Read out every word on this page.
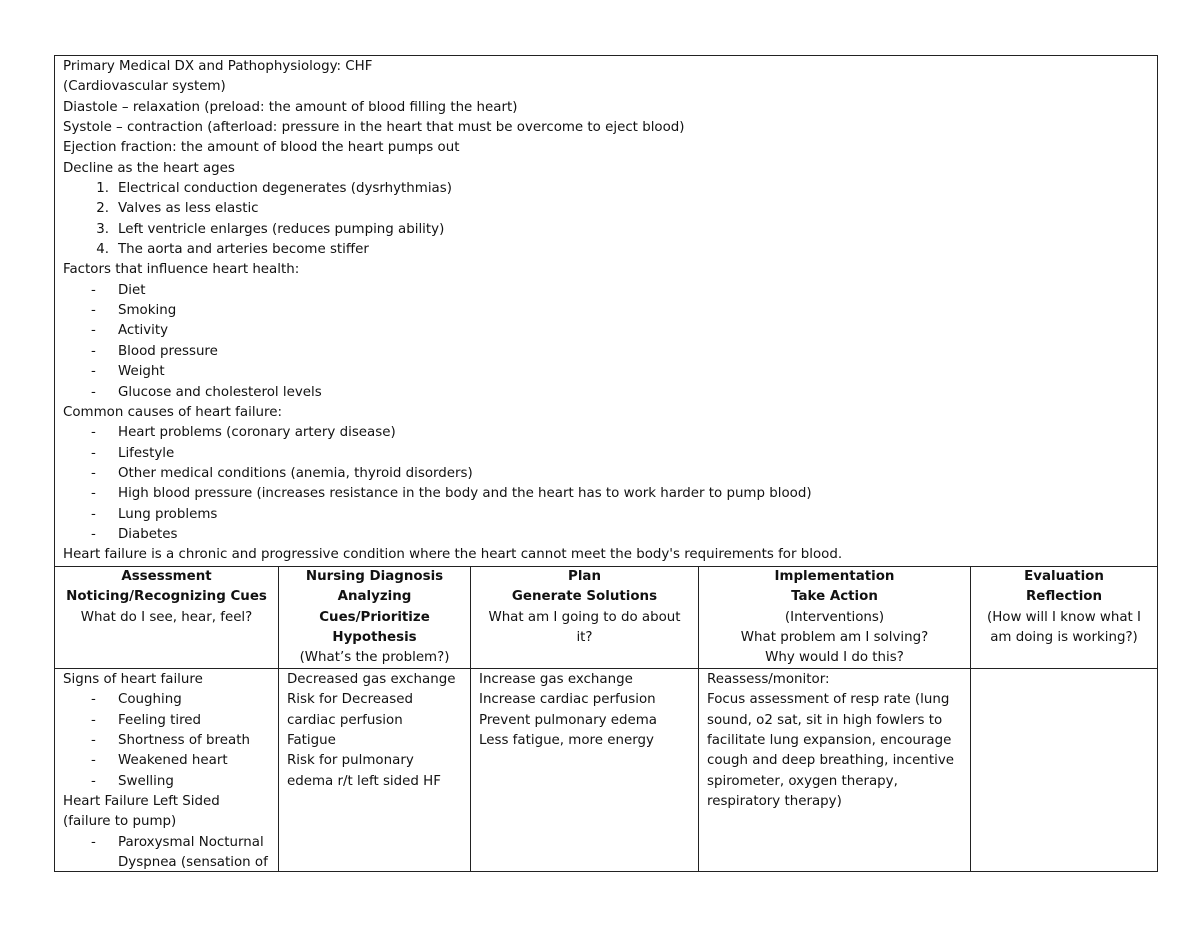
Primary Medical DX and Pathophysiology: CHF
(Cardiovascular system)
Diastole – relaxation (preload: the amount of blood filling the heart)
Systole – contraction (afterload: pressure in the heart that must be overcome to eject blood)
Ejection fraction: the amount of blood the heart pumps out
Decline as the heart ages
1. Electrical conduction degenerates (dysrhythmias)
2. Valves as less elastic
3. Left ventricle enlarges (reduces pumping ability)
4. The aorta and arteries become stiffer
Factors that influence heart health:
- Diet
- Smoking
- Activity
- Blood pressure
- Weight
- Glucose and cholesterol levels
Common causes of heart failure:
- Heart problems (coronary artery disease)
- Lifestyle
- Other medical conditions (anemia, thyroid disorders)
- High blood pressure (increases resistance in the body and the heart has to work harder to pump blood)
- Lung problems
- Diabetes
Heart failure is a chronic and progressive condition where the heart cannot meet the body's requirements for blood.
Assessment
Noticing/Recognizing Cues
What do I see, hear, feel?
Signs of heart failure
- Coughing
- Feeling tired
- Shortness of breath
- Weakened heart
- Swelling
Heart Failure Left Sided
(failure to pump)
- Paroxysmal Nocturnal Dyspnea (sensation of
Nursing Diagnosis
Analyzing Cues/Prioritize
Hypothesis
(What’s the problem?)
Decreased gas exchange
Risk for Decreased
cardiac perfusion
Fatigue
Risk for pulmonary
edema r/t left sided HF
Plan
Generate Solutions
What am I going to do about
it?
Increase gas exchange
Increase cardiac perfusion
Prevent pulmonary edema
Less fatigue, more energy
Implementation
Take Action
(Interventions)
What problem am I solving?
Why would I do this?
Reassess/monitor:
Focus assessment of resp rate (lung
sound, o2 sat, sit in high fowlers to
facilitate lung expansion, encourage
cough and deep breathing, incentive
spirometer, oxygen therapy,
respiratory therapy)
Evaluation
Reflection
(How will I know what I
am doing is working?)
